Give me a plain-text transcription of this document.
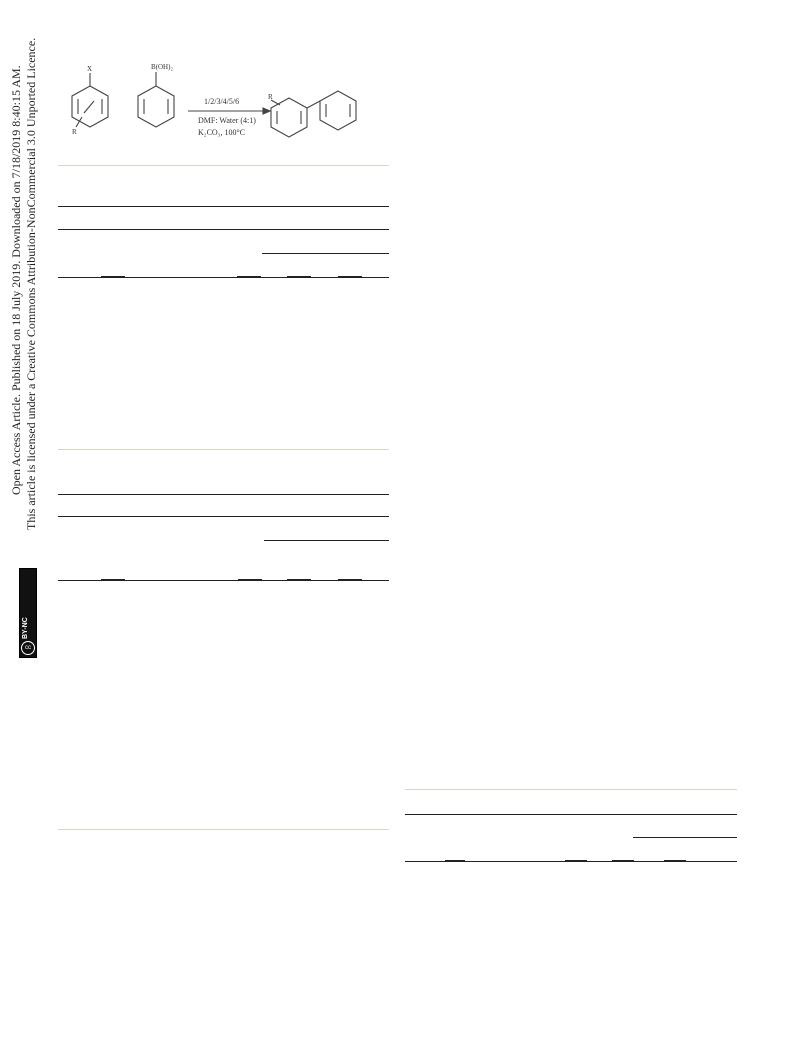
Open Access Article. Published on 18 July 2019. Downloaded on 7/18/2019 8:40:15 AM. This article is licensed under a Creative Commons Attribution-NonCommercial 3.0 Unported Licence.
cc
BY-NC
X
R
B(OH)₂
1/2/3/4/5/6
DMF: Water (4:1)
K₂CO₃, 100°C
R
